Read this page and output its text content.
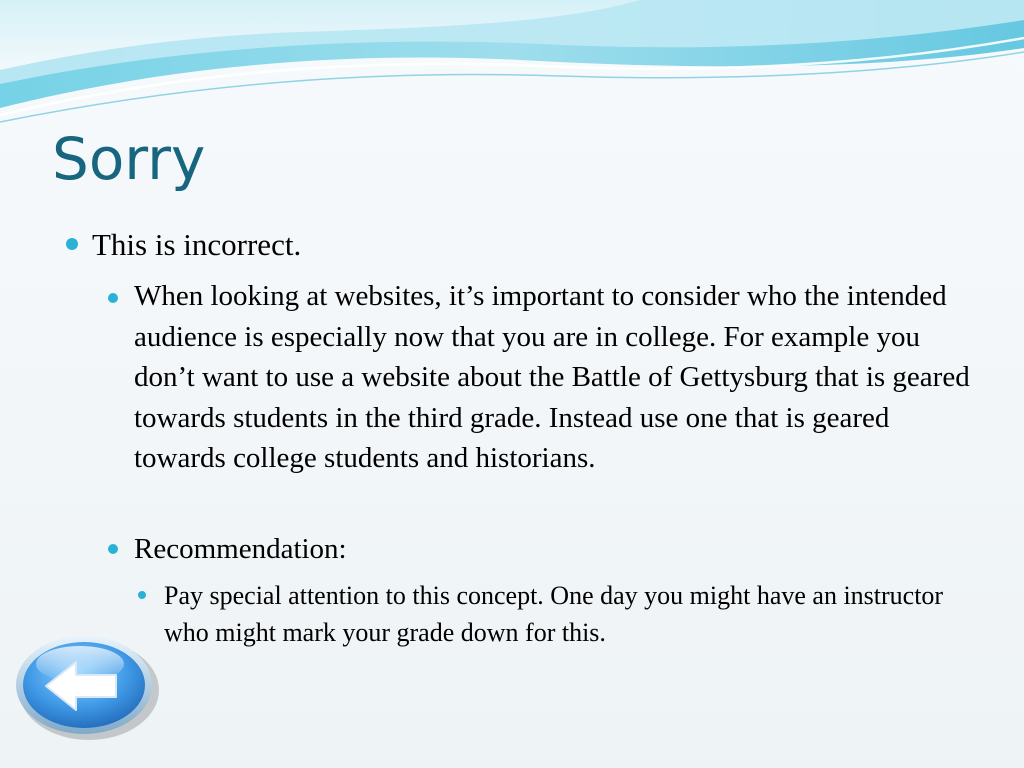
Sorry
This is incorrect.
When looking at websites, it’s important to consider who the intended audience is especially now that you are in college. For example you don’t want to use a website about the Battle of Gettysburg that is geared towards students in the third grade. Instead use one that is geared towards college students and historians.
Recommendation:
Pay special attention to this concept. One day you might have an instructor who might mark your grade down for this.
